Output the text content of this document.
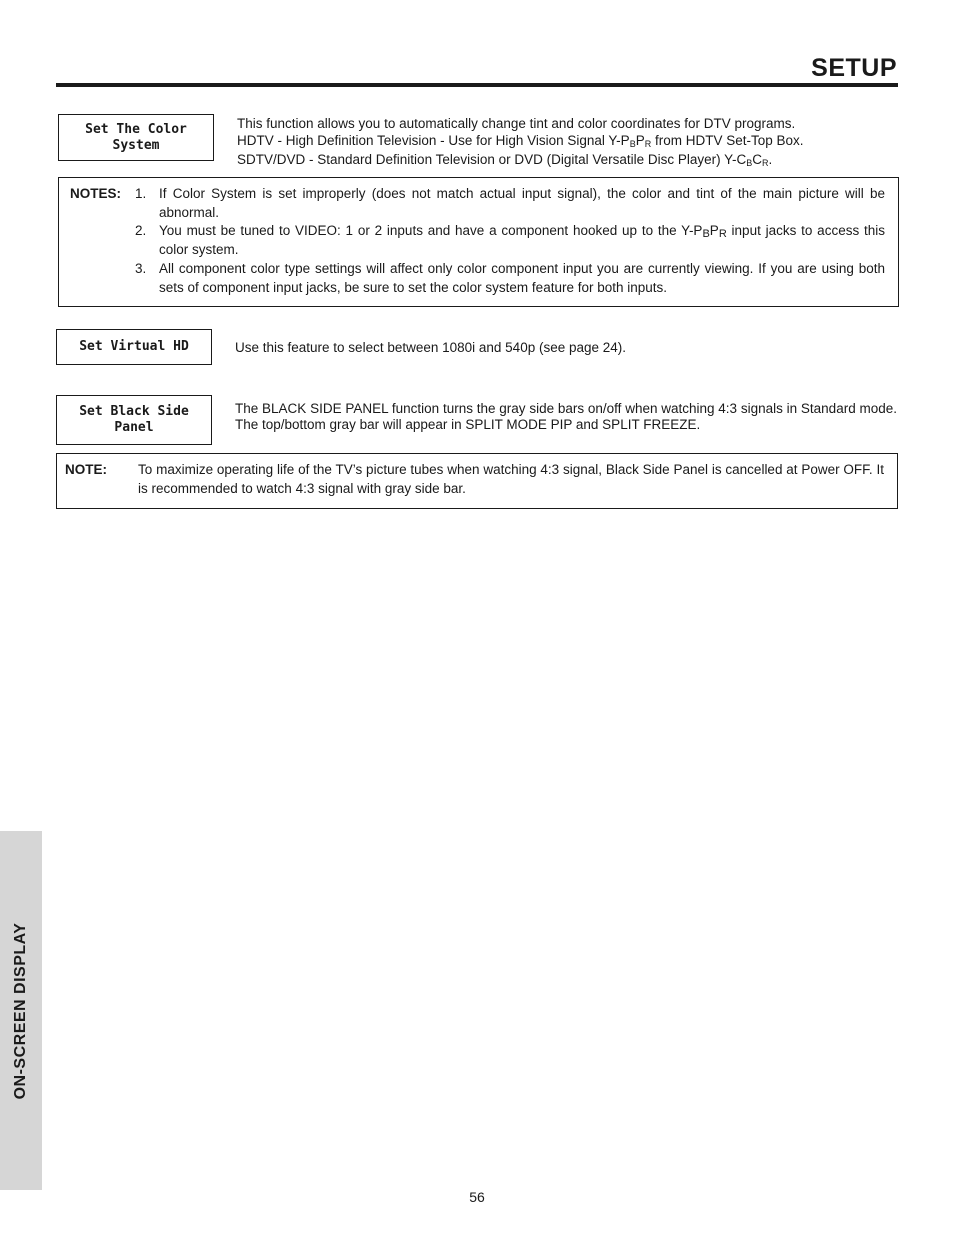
SETUP
Set The Color
System

This function allows you to automatically change tint and color coordinates for DTV programs.

HDTV - High Definition Television - Use for High Vision Signal $Y-P_BP_R$ from HDTV Set-Top Box.

SDTV/DVD - Standard Definition Television or DVD (Digital Versatile Disc Player) $Y-C_BC_R$.

NOTES: 1. If Color System is set improperly (does not match actual input signal), the color and tint of the main picture will be abnormal.
2. You must be tuned to VIDEO: 1 or 2 inputs and have a component hooked up to the $Y-P_BP_R$ input jacks to access this color system.
3. All component color type settings will affect only color component input you are currently viewing. If you are using both sets of component input jacks, be sure to set the color system feature for both inputs.
Set Virtual HD	Use this feature to select between 1080i and 540p (see page 24).
Set Black Side
Panel
The BLACK SIDE PANEL function turns the gray side bars on/off when watching 4:3 signals in Standard mode. The top/bottom gray bar will appear in SPLIT MODE PIP and SPLIT FREEZE.
NOTE: To maximize operating life of the TV’s picture tubes when watching 4:3 signal, Black Side Panel is cancelled at Power OFF. It is recommended to watch 4:3 signal with gray side bar.
ON-SCREEN DISPLAY
56
